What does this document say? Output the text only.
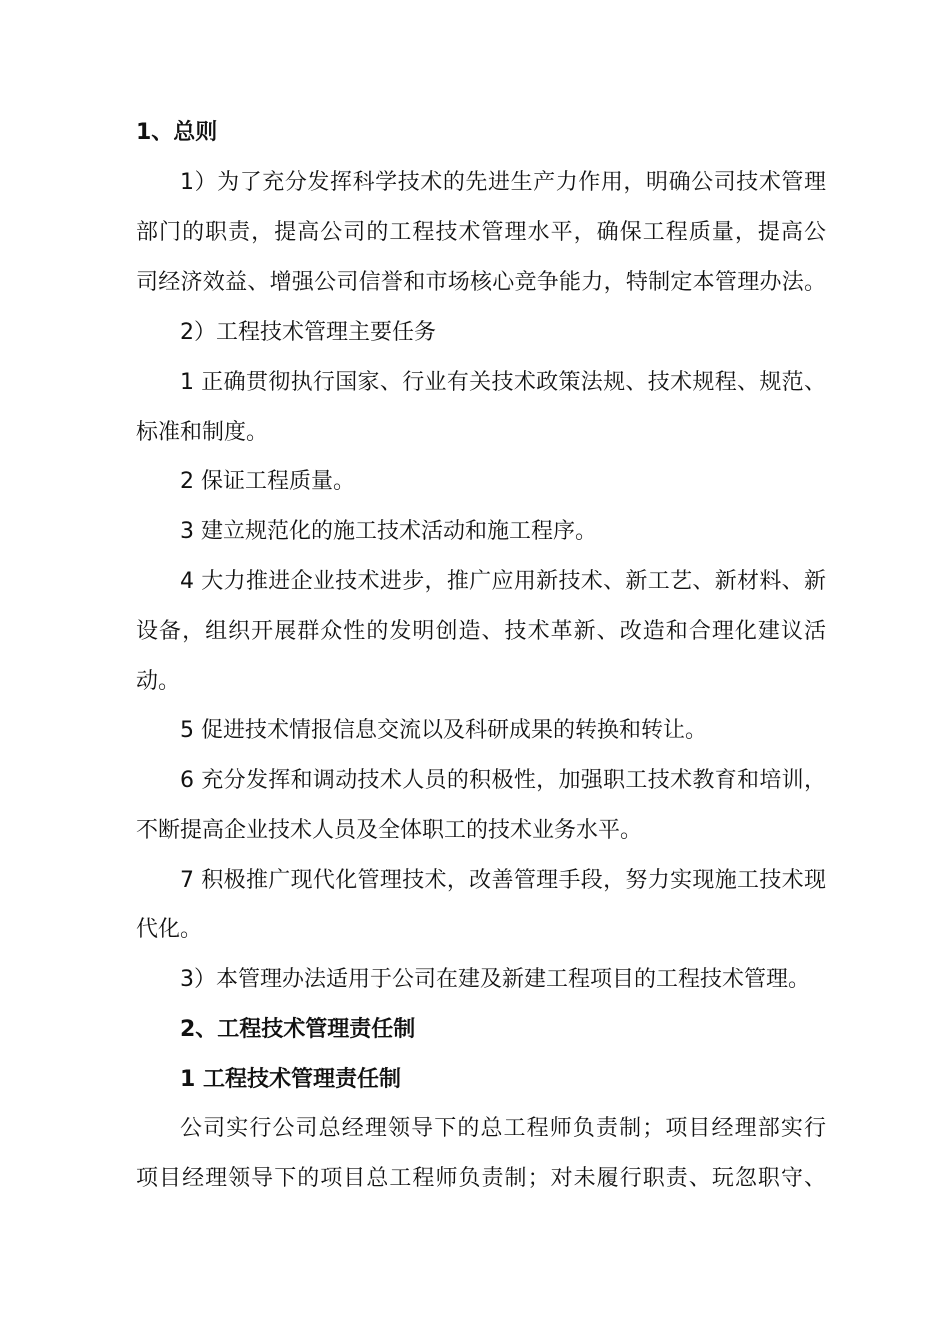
1、总则
1）为了充分发挥科学技术的先进生产力作用，明确公司技术管理
部门的职责，提高公司的工程技术管理水平，确保工程质量，提高公
司经济效益、增强公司信誉和市场核心竞争能力，特制定本管理办法。
2）工程技术管理主要任务
1 正确贯彻执行国家、行业有关技术政策法规、技术规程、规范、
标准和制度。
2 保证工程质量。
3 建立规范化的施工技术活动和施工程序。
4 大力推进企业技术进步，推广应用新技术、新工艺、新材料、新
设备，组织开展群众性的发明创造、技术革新、改造和合理化建议活
动。
5 促进技术情报信息交流以及科研成果的转换和转让。
6 充分发挥和调动技术人员的积极性，加强职工技术教育和培训，
不断提高企业技术人员及全体职工的技术业务水平。
7 积极推广现代化管理技术，改善管理手段，努力实现施工技术现
代化。
3）本管理办法适用于公司在建及新建工程项目的工程技术管理。
2、工程技术管理责任制
1 工程技术管理责任制
公司实行公司总经理领导下的总工程师负责制；项目经理部实行
项目经理领导下的项目总工程师负责制；对未履行职责、玩忽职守、
